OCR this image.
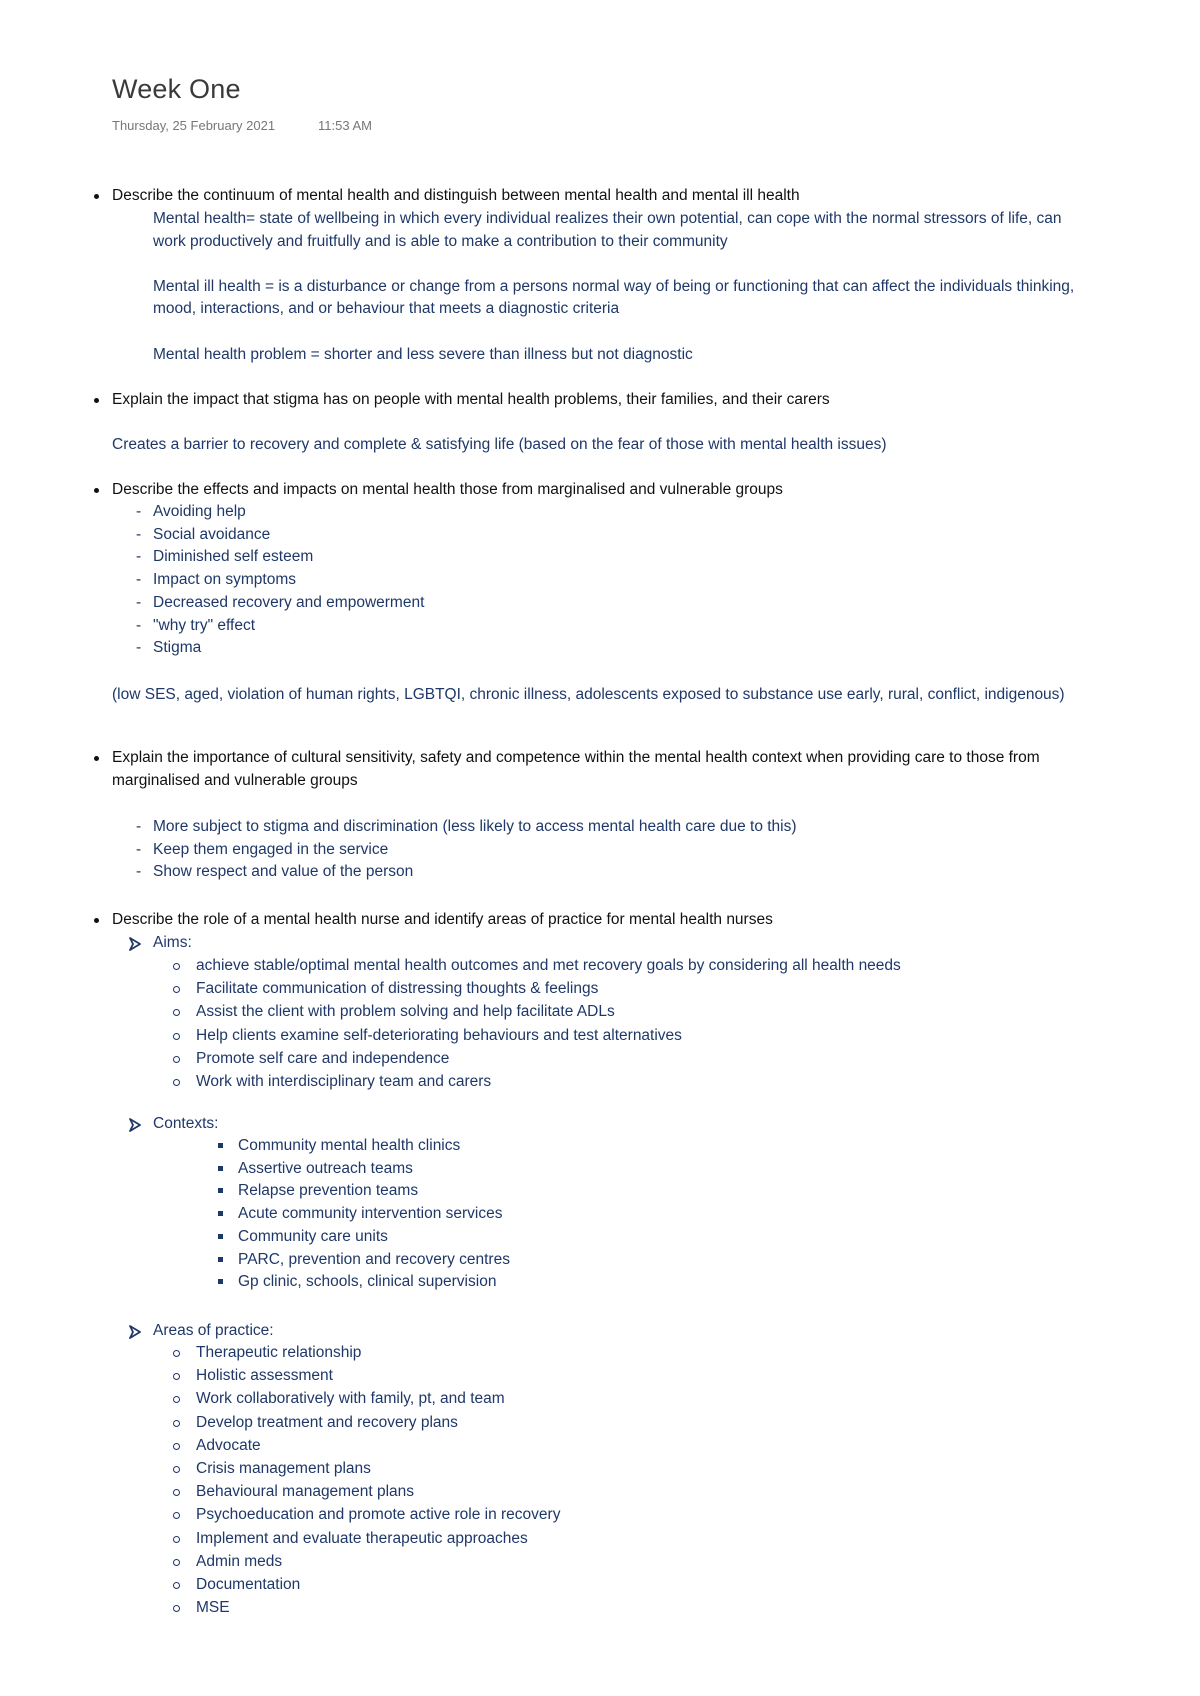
Week One
Thursday, 25 February 2021	11:53 AM
Describe the continuum of mental health and distinguish between mental health and mental ill health
Mental health= state of wellbeing in which every individual realizes their own potential, can cope with the normal stressors of life, can
work productively and fruitfully and is able to make a contribution to their community
Mental ill health = is a disturbance or change from a persons normal way of being or functioning that can affect the individuals thinking,
mood, interactions, and or behaviour that meets a diagnostic criteria
Mental health problem = shorter and less severe than illness but not diagnostic
Explain the impact that stigma has on people with mental health problems, their families, and their carers
Creates a barrier to recovery and complete & satisfying life (based on the fear of those with mental health issues)
Describe the effects and impacts on mental health those from marginalised and vulnerable groups
- Avoiding help
- Social avoidance
- Diminished self esteem
- Impact on symptoms
- Decreased recovery and empowerment
- "why try" effect
- Stigma
(low SES, aged, violation of human rights, LGBTQI, chronic illness, adolescents exposed to substance use early, rural, conflict, indigenous)
Explain the importance of cultural sensitivity, safety and competence within the mental health context when providing care to those from
marginalised and vulnerable groups
- More subject to stigma and discrimination (less likely to access mental health care due to this)
- Keep them engaged in the service
- Show respect and value of the person
Describe the role of a mental health nurse and identify areas of practice for mental health nurses
Aims:
achieve stable/optimal mental health outcomes and met recovery goals by considering all health needs
Facilitate communication of distressing thoughts & feelings
Assist the client with problem solving and help facilitate ADLs
Help clients examine self-deteriorating behaviours and test alternatives
Promote self care and independence
Work with interdisciplinary team and carers
Contexts:
Community mental health clinics
Assertive outreach teams
Relapse prevention teams
Acute community intervention services
Community care units
PARC, prevention and recovery centres
Gp clinic, schools, clinical supervision
Areas of practice:
Therapeutic relationship
Holistic assessment
Work collaboratively with family, pt, and team
Develop treatment and recovery plans
Advocate
Crisis management plans
Behavioural management plans
Psychoeducation and promote active role in recovery
Implement and evaluate therapeutic approaches
Admin meds
Documentation
MSE
